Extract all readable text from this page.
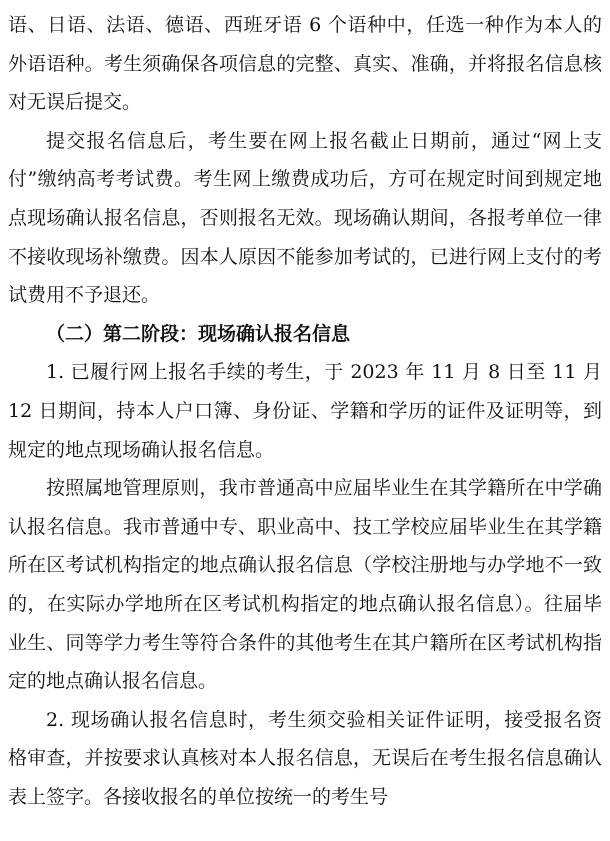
语、日语、法语、德语、西班牙语 6 个语种中，任选一种作为本人的外语语种。考生须确保各项信息的完整、真实、准确，并将报名信息核对无误后提交。

提交报名信息后，考生要在网上报名截止日期前，通过“网上支付”缴纳高考考试费。考生网上缴费成功后，方可在规定时间到规定地点现场确认报名信息，否则报名无效。现场确认期间，各报考单位一律不接收现场补缴费。因本人原因不能参加考试的，已进行网上支付的考试费用不予退还。

（二）第二阶段：现场确认报名信息

1. 已履行网上报名手续的考生，于 2023 年 11 月 8 日至 11 月 12 日期间，持本人户口簿、身份证、学籍和学历的证件及证明等，到规定的地点现场确认报名信息。

按照属地管理原则，我市普通高中应届毕业生在其学籍所在中学确认报名信息。我市普通中专、职业高中、技工学校应届毕业生在其学籍所在区考试机构指定的地点确认报名信息（学校注册地与办学地不一致的，在实际办学地所在区考试机构指定的地点确认报名信息）。往届毕业生、同等学力考生等符合条件的其他考生在其户籍所在区考试机构指定的地点确认报名信息。

2. 现场确认报名信息时，考生须交验相关证件证明，接受报名资格审查，并按要求认真核对本人报名信息，无误后在考生报名信息确认表上签字。各接收报名的单位按统一的考生号
